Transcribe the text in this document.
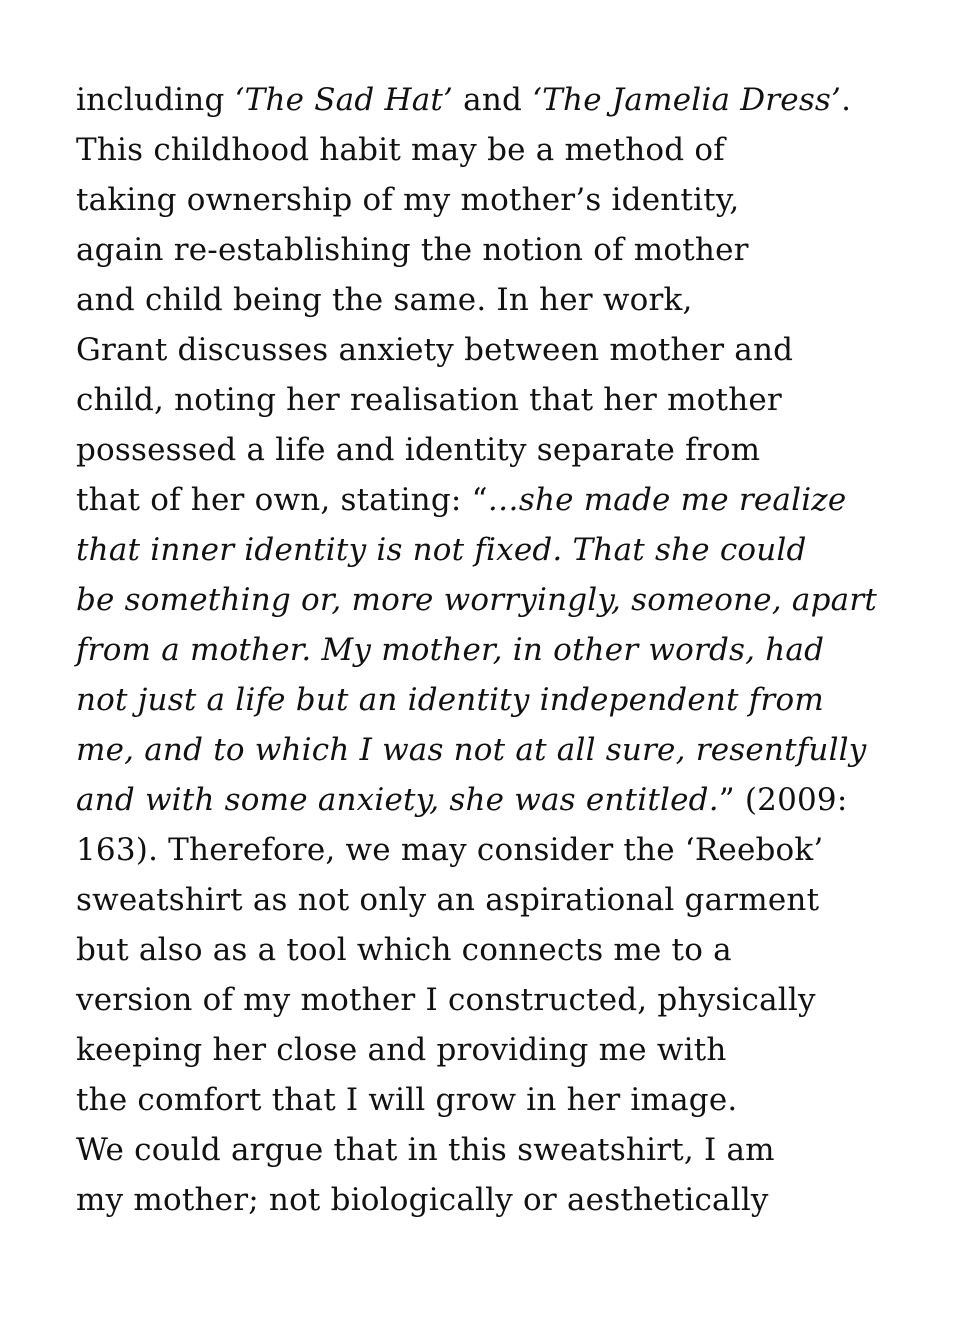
including ‘The Sad Hat’ and ‘The Jamelia Dress’.
This childhood habit may be a method of
taking ownership of my mother’s identity,
again re-establishing the notion of mother
and child being the same. In her work,
Grant discusses anxiety between mother and
child, noting her realisation that her mother
possessed a life and identity separate from
that of her own, stating: “…she made me realize
that inner identity is not fixed. That she could
be something or, more worryingly, someone, apart
from a mother. My mother, in other words, had
not just a life but an identity independent from
me, and to which I was not at all sure, resentfully
and with some anxiety, she was entitled.” (2009:
163). Therefore, we may consider the ‘Reebok’
sweatshirt as not only an aspirational garment
but also as a tool which connects me to a
version of my mother I constructed, physically
keeping her close and providing me with
the comfort that I will grow in her image.
We could argue that in this sweatshirt, I am
my mother; not biologically or aesthetically
